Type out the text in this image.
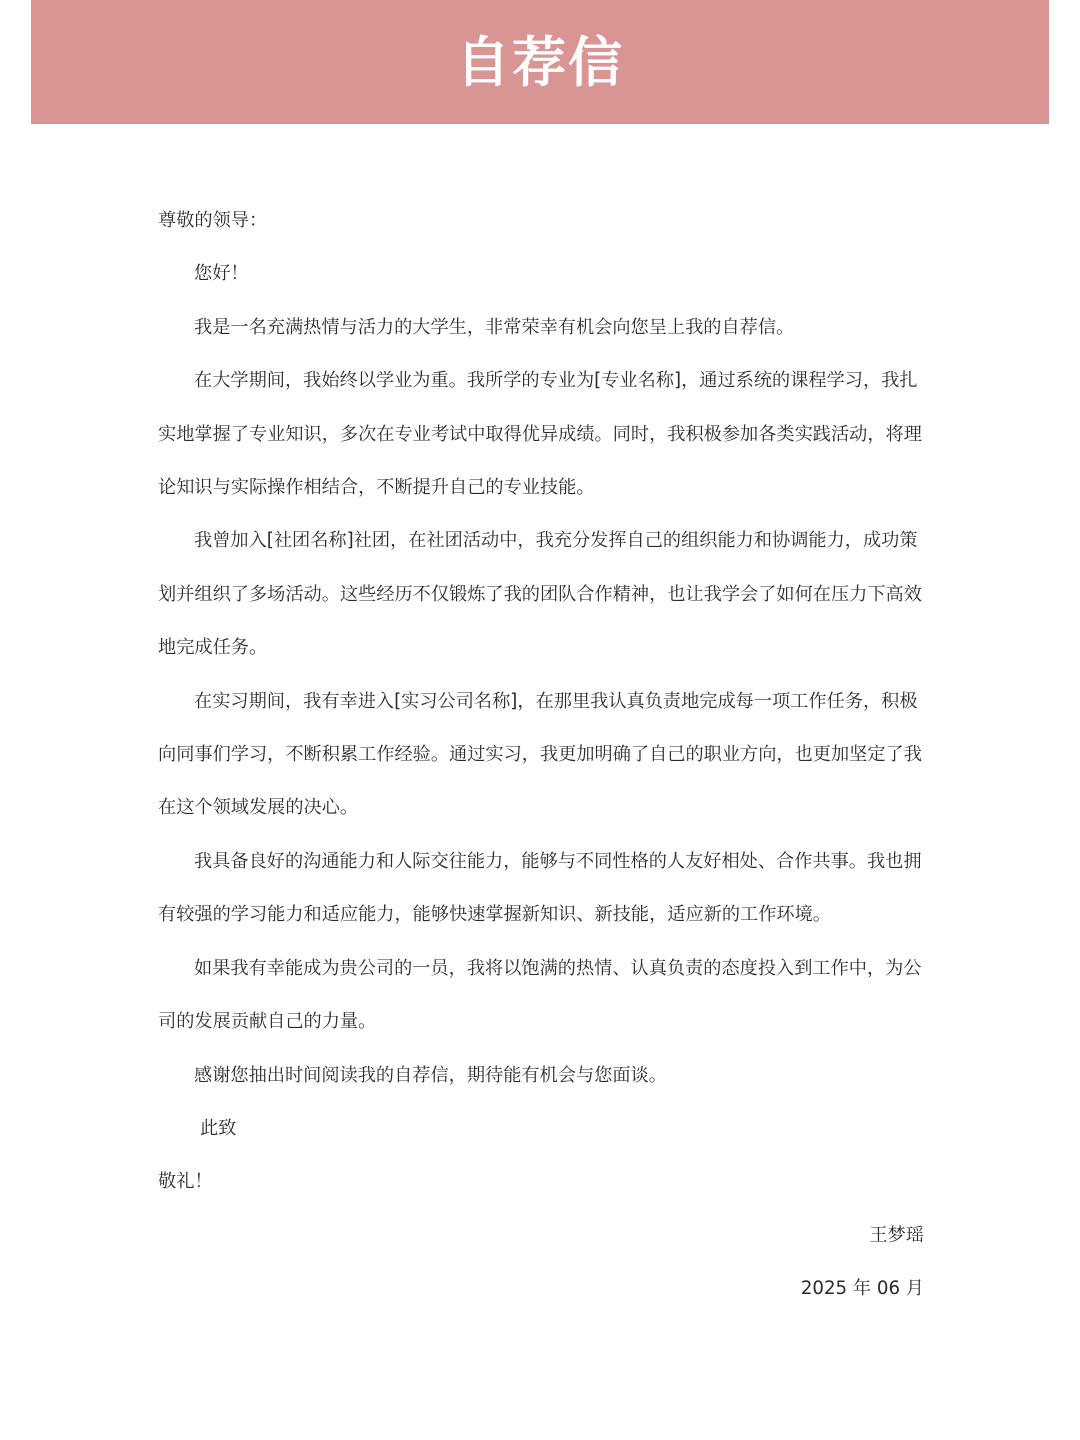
自荐信

尊敬的领导：

您好！

我是一名充满热情与活力的大学生，非常荣幸有机会向您呈上我的自荐信。

在大学期间，我始终以学业为重。我所学的专业为[专业名称]，通过系统的课程学习，我扎实地掌握了专业知识，多次在专业考试中取得优异成绩。同时，我积极参加各类实践活动，将理论知识与实际操作相结合，不断提升自己的专业技能。

我曾加入[社团名称]社团，在社团活动中，我充分发挥自己的组织能力和协调能力，成功策划并组织了多场活动。这些经历不仅锻炼了我的团队合作精神，也让我学会了如何在压力下高效地完成任务。

在实习期间，我有幸进入[实习公司名称]，在那里我认真负责地完成每一项工作任务，积极向同事们学习，不断积累工作经验。通过实习，我更加明确了自己的职业方向，也更加坚定了我在这个领域发展的决心。

我具备良好的沟通能力和人际交往能力，能够与不同性格的人友好相处、合作共事。我也拥有较强的学习能力和适应能力，能够快速掌握新知识、新技能，适应新的工作环境。

如果我有幸能成为贵公司的一员，我将以饱满的热情、认真负责的态度投入到工作中，为公司的发展贡献自己的力量。

感谢您抽出时间阅读我的自荐信，期待能有机会与您面谈。

此致

敬礼！

王梦瑶

2025 年 06 月
